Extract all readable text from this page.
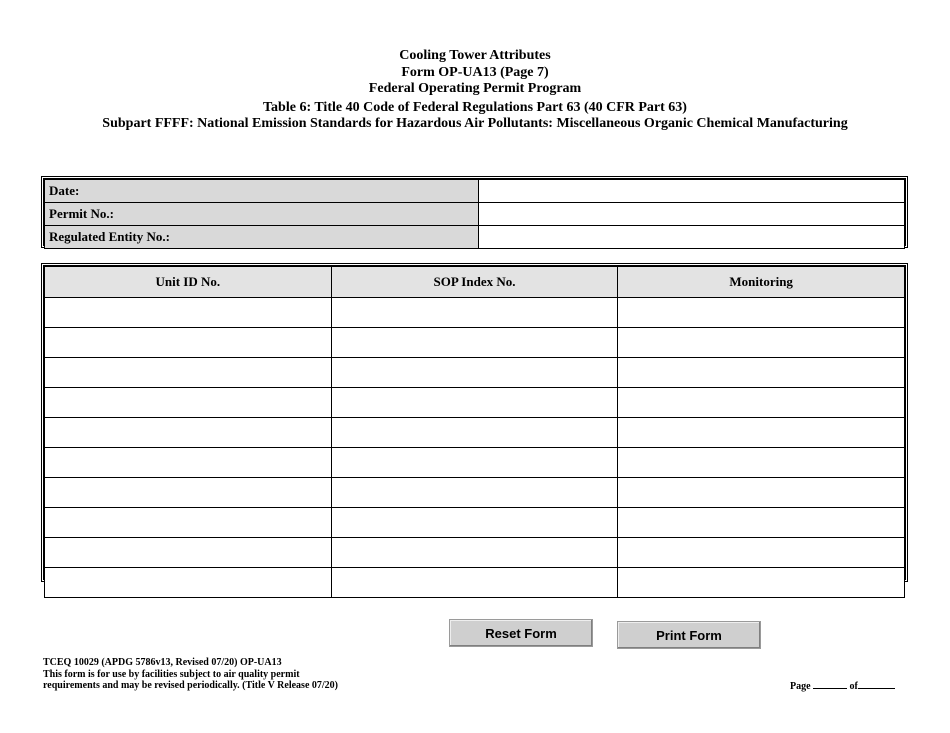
Cooling Tower Attributes
Form OP-UA13 (Page 7)
Federal Operating Permit Program
Table 6: Title 40 Code of Federal Regulations Part 63 (40 CFR Part 63)
Subpart FFFF: National Emission Standards for Hazardous Air Pollutants: Miscellaneous Organic Chemical Manufacturing
Date:	
Permit No.:	
Regulated Entity No.:	
Unit ID No.	SOP Index No.	Monitoring

Reset Form	Print Form
TCEQ 10029 (APDG 5786v13, Revised 07/20) OP-UA13
This form is for use by facilities subject to air quality permit
requirements and may be revised periodically. (Title V Release 07/20)	Page	of
